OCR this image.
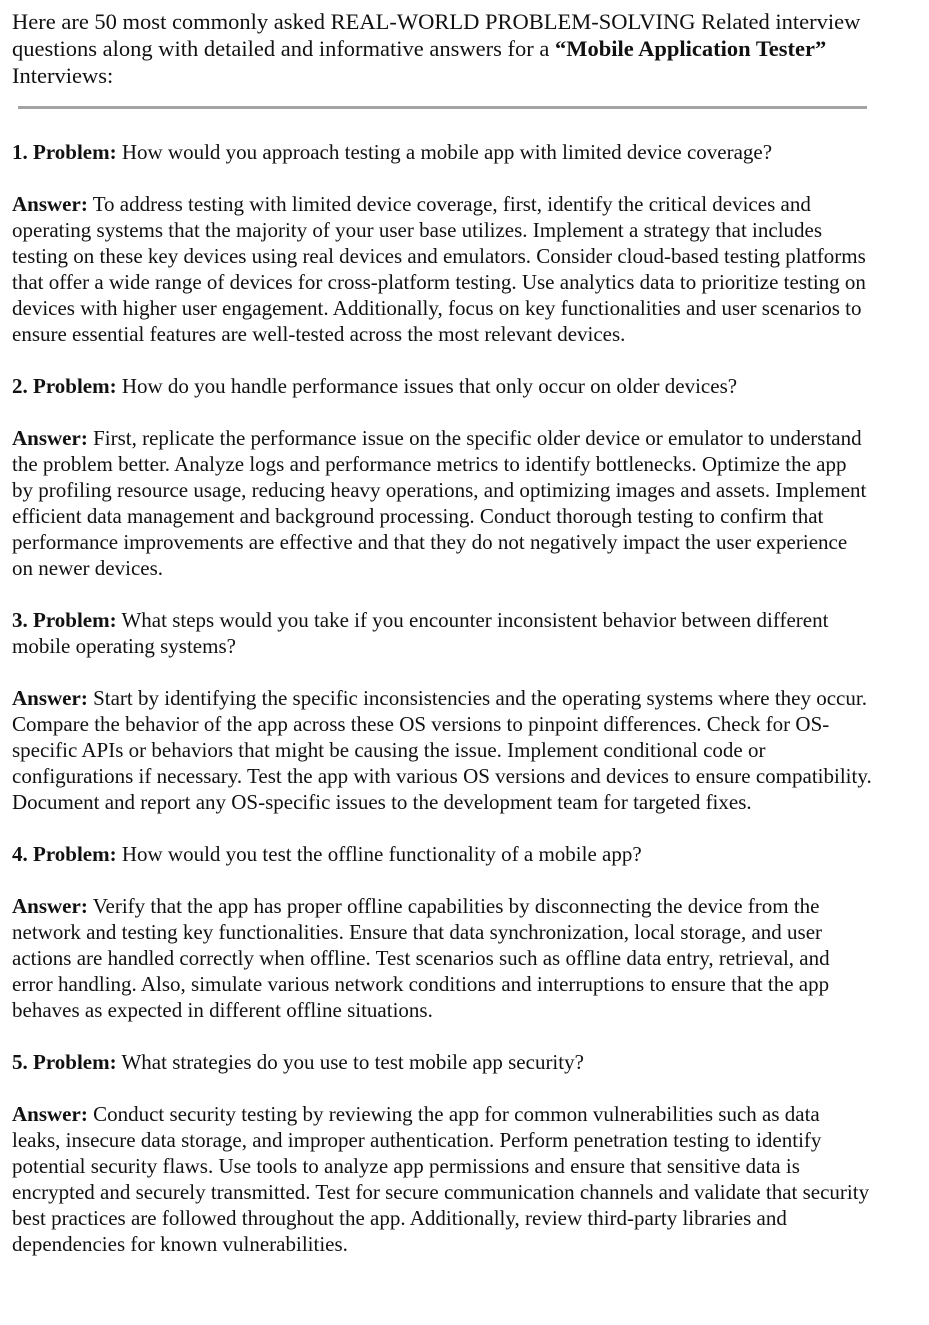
Here are 50 most commonly asked REAL-WORLD PROBLEM-SOLVING Related interview questions along with detailed and informative answers for a “Mobile Application Tester” Interviews:

1. Problem: How would you approach testing a mobile app with limited device coverage?

Answer: To address testing with limited device coverage, first, identify the critical devices and operating systems that the majority of your user base utilizes. Implement a strategy that includes testing on these key devices using real devices and emulators. Consider cloud-based testing platforms that offer a wide range of devices for cross-platform testing. Use analytics data to prioritize testing on devices with higher user engagement. Additionally, focus on key functionalities and user scenarios to ensure essential features are well-tested across the most relevant devices.

2. Problem: How do you handle performance issues that only occur on older devices?

Answer: First, replicate the performance issue on the specific older device or emulator to understand the problem better. Analyze logs and performance metrics to identify bottlenecks. Optimize the app by profiling resource usage, reducing heavy operations, and optimizing images and assets. Implement efficient data management and background processing. Conduct thorough testing to confirm that performance improvements are effective and that they do not negatively impact the user experience on newer devices.

3. Problem: What steps would you take if you encounter inconsistent behavior between different mobile operating systems?

Answer: Start by identifying the specific inconsistencies and the operating systems where they occur. Compare the behavior of the app across these OS versions to pinpoint differences. Check for OS-specific APIs or behaviors that might be causing the issue. Implement conditional code or configurations if necessary. Test the app with various OS versions and devices to ensure compatibility. Document and report any OS-specific issues to the development team for targeted fixes.

4. Problem: How would you test the offline functionality of a mobile app?

Answer: Verify that the app has proper offline capabilities by disconnecting the device from the network and testing key functionalities. Ensure that data synchronization, local storage, and user actions are handled correctly when offline. Test scenarios such as offline data entry, retrieval, and error handling. Also, simulate various network conditions and interruptions to ensure that the app behaves as expected in different offline situations.

5. Problem: What strategies do you use to test mobile app security?

Answer: Conduct security testing by reviewing the app for common vulnerabilities such as data leaks, insecure data storage, and improper authentication. Perform penetration testing to identify potential security flaws. Use tools to analyze app permissions and ensure that sensitive data is encrypted and securely transmitted. Test for secure communication channels and validate that security best practices are followed throughout the app. Additionally, review third-party libraries and dependencies for known vulnerabilities.
